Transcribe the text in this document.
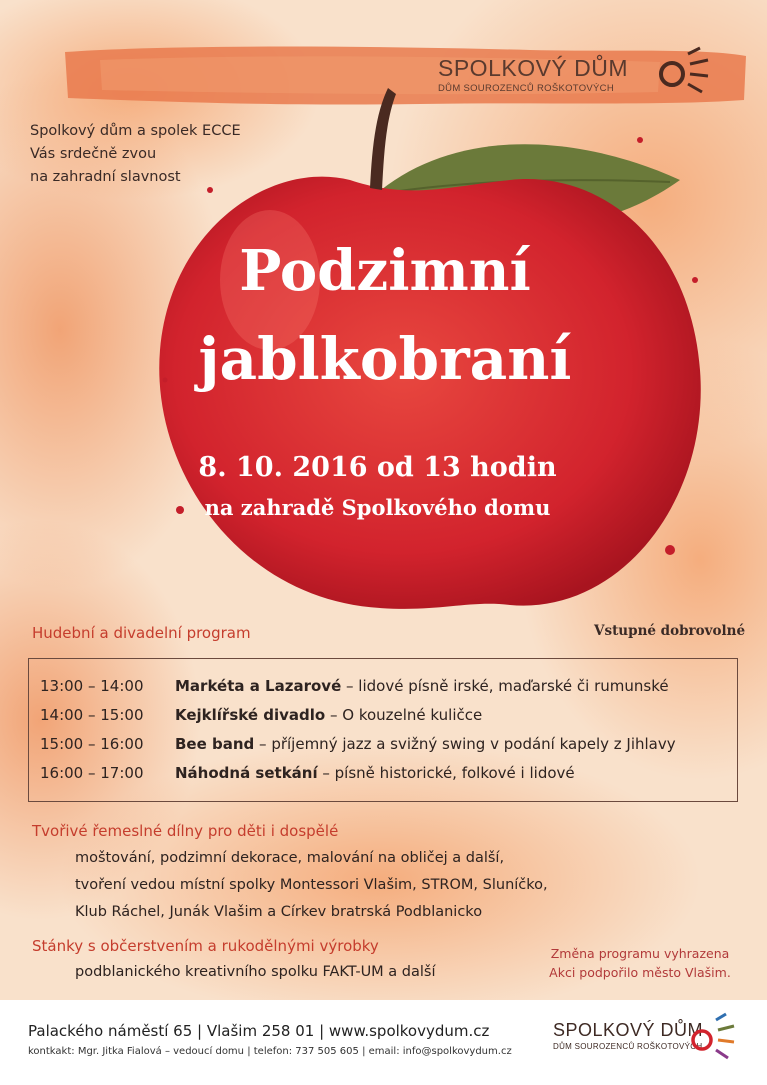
SPOLKOVÝ DŮM
DŮM SOUROZENCŮ ROŠKOTOVÝCH
Spolkový dům a spolek ECCE
Vás srdečně zvou
na zahradní slavnost
Podzimní
jablkobraní
8. 10. 2016 od 13 hodin
na zahradě Spolkového domu
Hudební a divadelní program	Vstupné dobrovolné
13:00 – 14:00 Markéta a Lazarové – lidové písně irské, maďarské či rumunské
14:00 – 15:00 Kejklířské divadlo – O kouzelné kuličce
15:00 – 16:00 Bee band – příjemný jazz a svižný swing v podání kapely z Jihlavy
16:00 – 17:00 Náhodná setkání – písně historické, folkové i lidové
Tvořivé řemeslné dílny pro děti i dospělé
moštování, podzimní dekorace, malování na obličej a další,
tvoření vedou místní spolky Montessori Vlašim, STROM, Sluníčko,
Klub Ráchel, Junák Vlašim a Církev bratrská Podblanicko
Stánky s občerstvením a rukodělnými výrobky
podblanického kreativního spolku FAKT-UM a další
Změna programu vyhrazena
Akci podpořilo město Vlašim.
Palackého náměstí 65 | Vlašim 258 01 | www.spolkovydum.cz
kontkakt: Mgr. Jitka Fialová – vedoucí domu | telefon: 737 505 605 | email: info@spolkovydum.cz
SPOLKOVÝ DŮM
DŮM SOUROZENCŮ ROŠKOTOVÝCH
